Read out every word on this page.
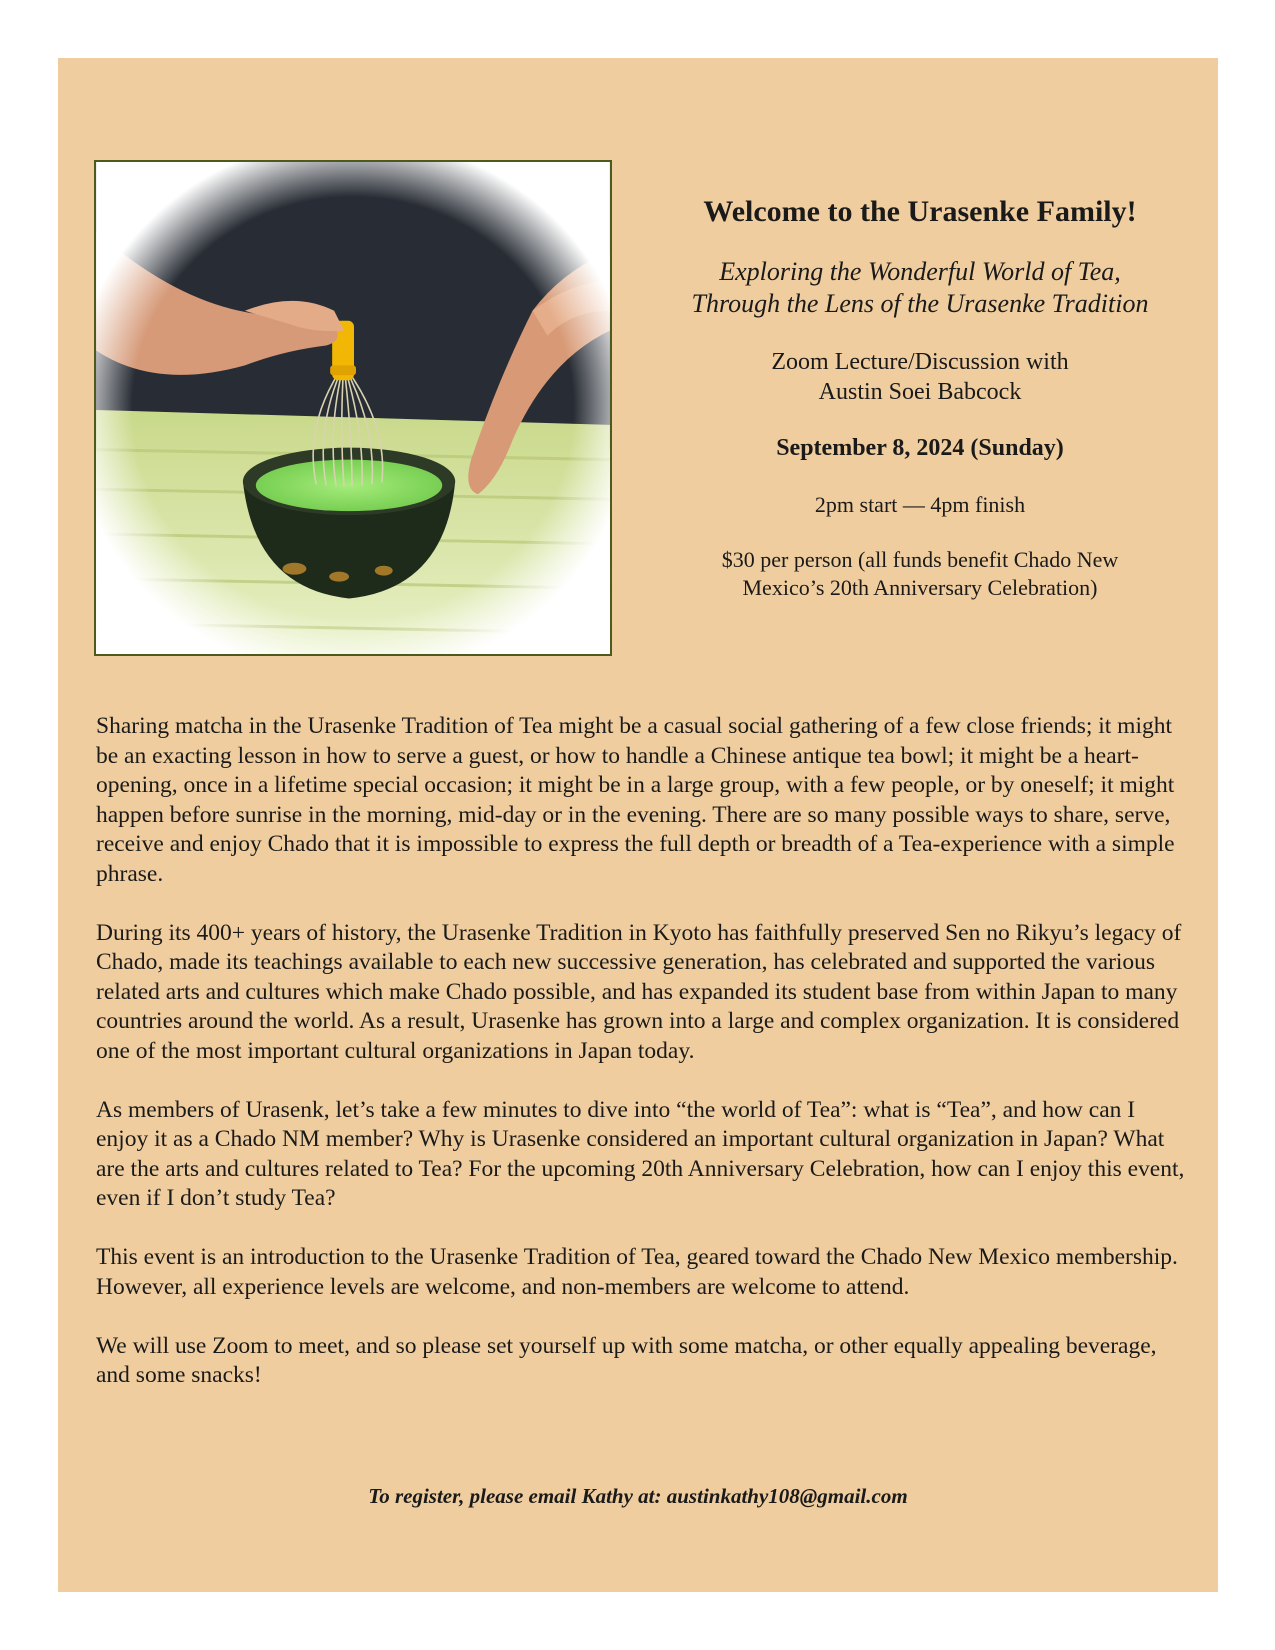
Welcome to the Urasenke Family!

Exploring the Wonderful World of Tea,
Through the Lens of the Urasenke Tradition

Zoom Lecture/Discussion with
Austin Soei Babcock

September 8, 2024 (Sunday)

2pm start — 4pm finish

$30 per person (all funds benefit Chado New
Mexico’s 20th Anniversary Celebration)

Sharing matcha in the Urasenke Tradition of Tea might be a casual social gathering of a few close friends; it might be an exacting lesson in how to serve a guest, or how to handle a Chinese antique tea bowl; it might be a heart-opening, once in a lifetime special occasion; it might be in a large group, with a few people, or by oneself; it might happen before sunrise in the morning, mid-day or in the evening. There are so many possible ways to share, serve, receive and enjoy Chado that it is impossible to express the full depth or breadth of a Tea-experience with a simple phrase.

During its 400+ years of history, the Urasenke Tradition in Kyoto has faithfully preserved Sen no Rikyu’s legacy of Chado, made its teachings available to each new successive generation, has celebrated and supported the various related arts and cultures which make Chado possible, and has expanded its student base from within Japan to many countries around the world. As a result, Urasenke has grown into a large and complex organization. It is considered one of the most important cultural organizations in Japan today.

As members of Urasenk, let’s take a few minutes to dive into “the world of Tea”: what is “Tea”, and how can I enjoy it as a Chado NM member? Why is Urasenke considered an important cultural organization in Japan? What are the arts and cultures related to Tea? For the upcoming 20th Anniversary Celebration, how can I enjoy this event, even if I don’t study Tea?

This event is an introduction to the Urasenke Tradition of Tea, geared toward the Chado New Mexico membership. However, all experience levels are welcome, and non-members are welcome to attend.

We will use Zoom to meet, and so please set yourself up with some matcha, or other equally appealing beverage, and some snacks!

To register, please email Kathy at: austinkathy108@gmail.com
